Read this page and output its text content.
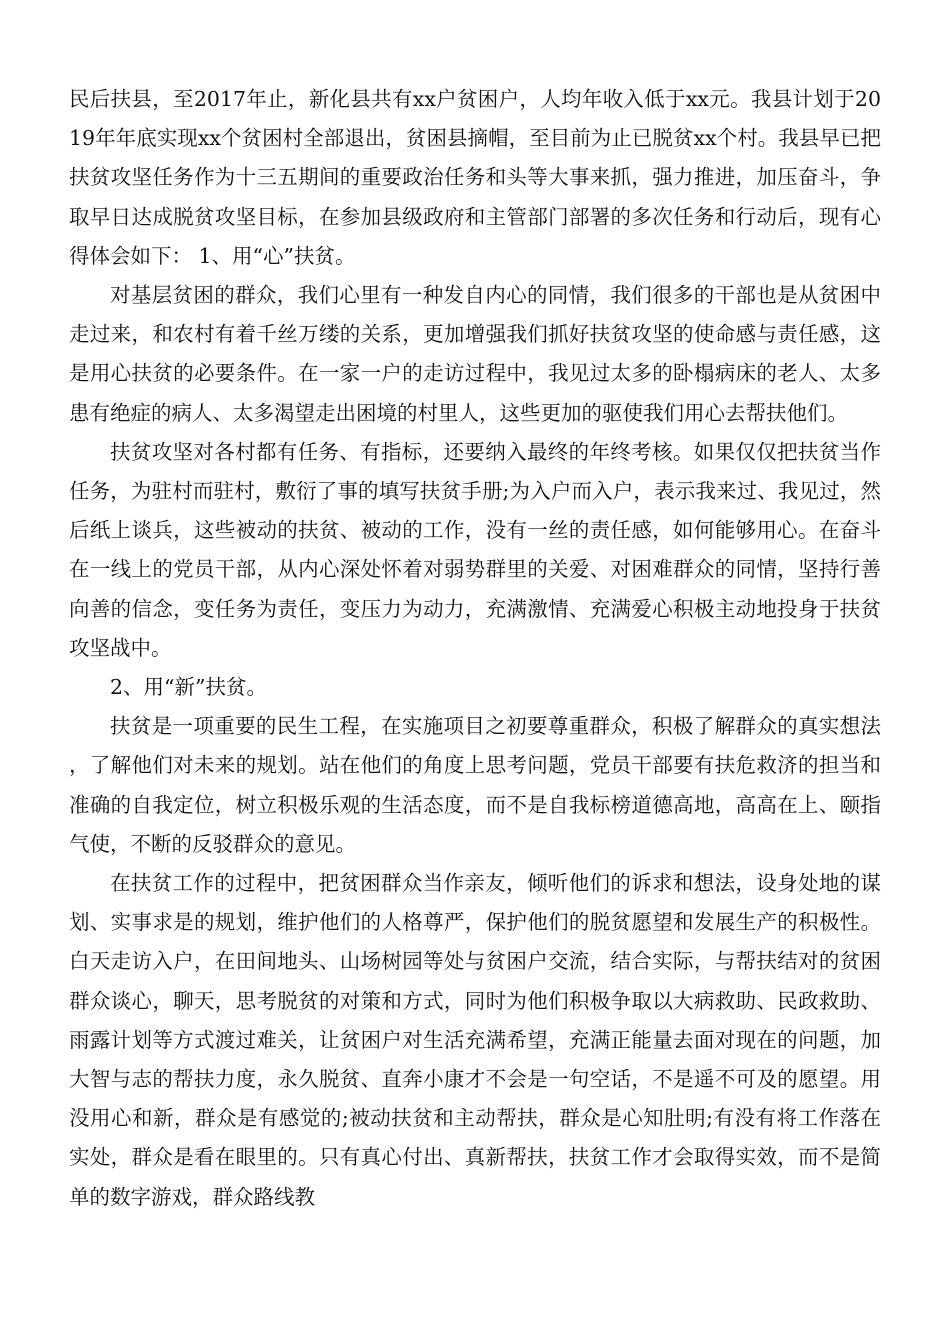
民后扶县，至2017年止，新化县共有xx户贫困户，人均年收入低于xx元。我县计划于2019年年底实现xx个贫困村全部退出，贫困县摘帽，至目前为止已脱贫xx个村。我县早已把扶贫攻坚任务作为十三五期间的重要政治任务和头等大事来抓，强力推进，加压奋斗，争取早日达成脱贫攻坚目标，在参加县级政府和主管部门部署的多次任务和行动后，现有心得体会如下： 1、用“心”扶贫。

对基层贫困的群众，我们心里有一种发自内心的同情，我们很多的干部也是从贫困中走过来，和农村有着千丝万缕的关系，更加增强我们抓好扶贫攻坚的使命感与责任感，这是用心扶贫的必要条件。在一家一户的走访过程中，我见过太多的卧榻病床的老人、太多患有绝症的病人、太多渴望走出困境的村里人，这些更加的驱使我们用心去帮扶他们。

扶贫攻坚对各村都有任务、有指标，还要纳入最终的年终考核。如果仅仅把扶贫当作任务，为驻村而驻村，敷衍了事的填写扶贫手册;为入户而入户，表示我来过、我见过，然后纸上谈兵，这些被动的扶贫、被动的工作，没有一丝的责任感，如何能够用心。在奋斗在一线上的党员干部，从内心深处怀着对弱势群里的关爱、对困难群众的同情，坚持行善向善的信念，变任务为责任，变压力为动力，充满激情、充满爱心积极主动地投身于扶贫攻坚战中。

2、用“新”扶贫。

扶贫是一项重要的民生工程，在实施项目之初要尊重群众，积极了解群众的真实想法，了解他们对未来的规划。站在他们的角度上思考问题，党员干部要有扶危救济的担当和准确的自我定位，树立积极乐观的生活态度，而不是自我标榜道德高地，高高在上、颐指气使，不断的反驳群众的意见。

在扶贫工作的过程中，把贫困群众当作亲友，倾听他们的诉求和想法，设身处地的谋划、实事求是的规划，维护他们的人格尊严，保护他们的脱贫愿望和发展生产的积极性。白天走访入户，在田间地头、山场树园等处与贫困户交流，结合实际，与帮扶结对的贫困群众谈心，聊天，思考脱贫的对策和方式，同时为他们积极争取以大病救助、民政救助、雨露计划等方式渡过难关，让贫困户对生活充满希望，充满正能量去面对现在的问题，加大智与志的帮扶力度，永久脱贫、直奔小康才不会是一句空话，不是遥不可及的愿望。用没用心和新，群众是有感觉的;被动扶贫和主动帮扶，群众是心知肚明;有没有将工作落在实处，群众是看在眼里的。只有真心付出、真新帮扶，扶贫工作才会取得实效，而不是简单的数字游戏，群众路线教
